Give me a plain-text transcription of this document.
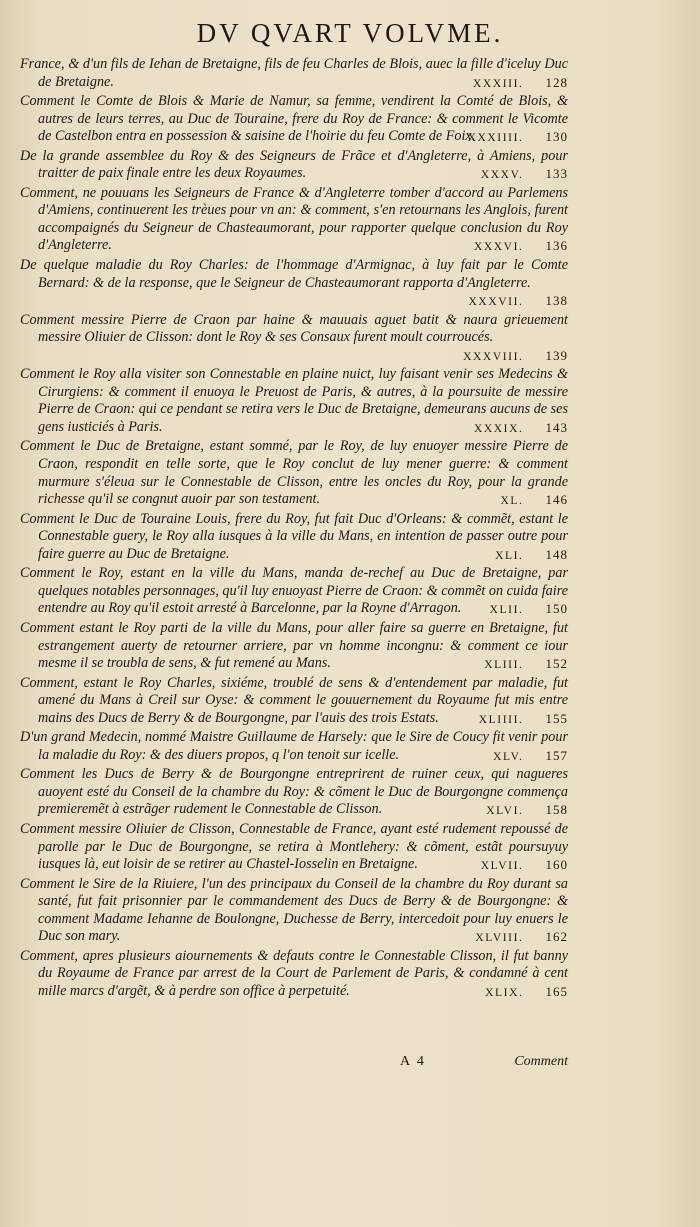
DV QVART VOLVME.

France, & d'un fils de Iehan de Bretaigne, fils de feu Charles de Blois, auec la fille d'iceluy Duc de Bretaigne.	XXXIII. 128

Comment le Comte de Blois & Marie de Namur, sa femme, vendirent la Comté de Blois, & autres de leurs terres, au Duc de Touraine, frere du Roy de France: & comment le Vicomte de Castelbon entra en possession & saisine de l'hoirie du feu Comte de Foix.
XXXIIII. 130

De la grande assemblee du Roy & des Seigneurs de Frãce et d'Angleterre, à Amiens, pour traitter de paix finale entre les deux Royaumes.	XXXV. 133

Comment, ne pouuans les Seigneurs de France & d'Angleterre tomber d'accord au Parlemens d'Amiens, continuerent les trèues pour vn an: & comment, s'en retournans les Anglois, furent accompaignés du Seigneur de Chasteaumorant, pour rapporter quelque conclusion du Roy d'Angleterre.	XXXVI. 136

De quelque maladie du Roy Charles: de l'hommage d'Armignac, à luy fait par le Comte Bernard: & de la response, que le Seigneur de Chasteaumorant rapporta d'Angleterre.
XXXVII. 138

Comment messire Pierre de Craon par haine & mauuais aguet batit & naura grieuement messire Oliuier de Clisson: dont le Roy & ses Consaux furent moult courroucés.
XXXVIII. 139

Comment le Roy alla visiter son Connestable en plaine nuict, luy faisant venir ses Medecins & Cirurgiens: & comment il enuoya le Preuost de Paris, & autres, à la poursuite de messire Pierre de Craon: qui ce pendant se retira vers le Duc de Bretaigne, demeurans aucuns de ses gens iusticiés à Paris.	XXXIX. 143

Comment le Duc de Bretaigne, estant sommé, par le Roy, de luy enuoyer messire Pierre de Craon, respondit en telle sorte, que le Roy conclut de luy mener guerre: & comment murmure s'éleua sur le Connestable de Clisson, entre les oncles du Roy, pour la grande richesse qu'il se congnut auoir par son testament.	XL. 146

Comment le Duc de Touraine Louis, frere du Roy, fut fait Duc d'Orleans: & commẽt, estant le Connestable guery, le Roy alla iusques à la ville du Mans, en intention de passer outre pour faire guerre au Duc de Bretaigne.	XLI. 148

Comment le Roy, estant en la ville du Mans, manda de-rechef au Duc de Bretaigne, par quelques notables personnages, qu'il luy enuoyast Pierre de Craon: & commẽt on cuida faire entendre au Roy qu'il estoit arresté à Barcelonne, par la Royne d'Arragon. XLII. 150

Comment estant le Roy parti de la ville du Mans, pour aller faire sa guerre en Bretaigne, fut estrangement auerty de retourner arriere, par vn homme incongnu: & comment ce iour mesme il se troubla de sens, & fut remené au Mans.	XLIII. 152

Comment, estant le Roy Charles, sixiéme, troublé de sens & d'entendement par maladie, fut amené du Mans à Creil sur Oyse: & comment le gouuernement du Royaume fut mis entre mains des Ducs de Berry & de Bourgongne, par l'auis des trois Estats.	XLIIII. 155

D'un grand Medecin, nommé Maistre Guillaume de Harsely: que le Sire de Coucy fit venir pour la maladie du Roy: & des diuers propos, q l'on tenoit sur icelle.	XLV. 157

Comment les Ducs de Berry & de Bourgongne entreprirent de ruiner ceux, qui nagueres auoyent esté du Conseil de la chambre du Roy: & cõment le Duc de Bourgongne commença premieremẽt à estrãger rudement le Connestable de Clisson.	XLVI. 158

Comment messire Oliuier de Clisson, Connestable de France, ayant esté rudement repoussé de parolle par le Duc de Bourgongne, se retira à Montlehery: & cõment, estãt poursuyuy iusques là, eut loisir de se retirer au Chastel-Iosselin en Bretaigne.	XLVII. 160

Comment le Sire de la Riuiere, l'un des principaux du Conseil de la chambre du Roy durant sa santé, fut fait prisonnier par le commandement des Ducs de Berry & de Bourgongne: & comment Madame Iehanne de Boulongne, Duchesse de Berry, intercedoit pour luy enuers le Duc son mary.	XLVIII. 162

Comment, apres plusieurs aiournements & defauts contre le Connestable Clisson, il fut banny du Royaume de France par arrest de la Court de Parlement de Paris, & condamné à cent mille marcs d'argẽt, & à perdre son office à perpetuité.	XLIX. 165

A 4	Comment
